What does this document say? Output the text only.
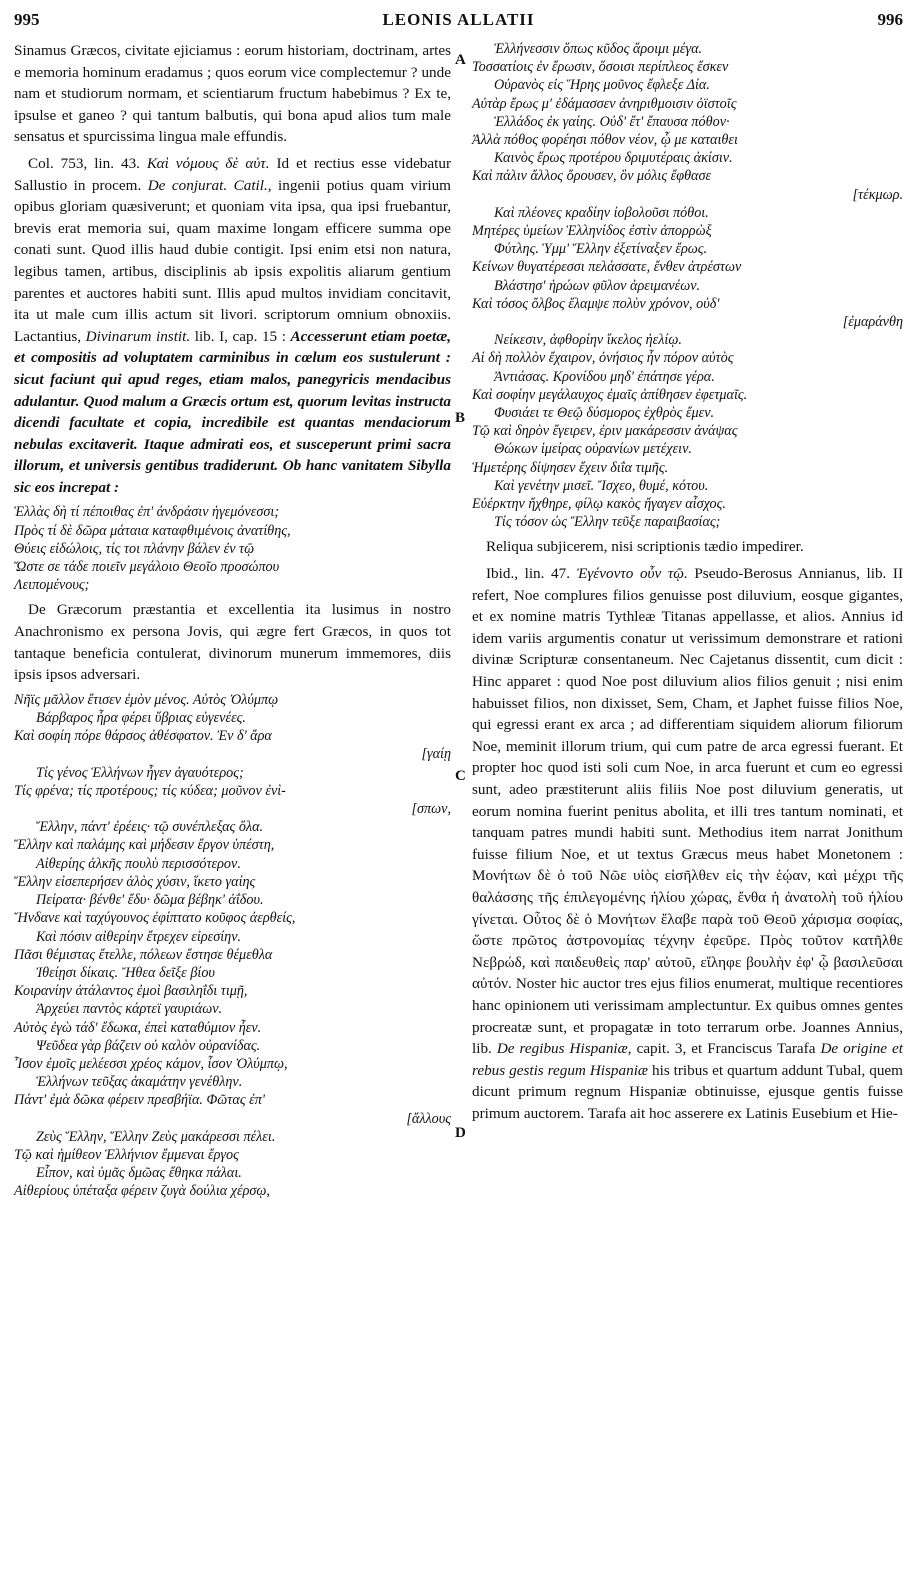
995	LEONIS ALLATII	996
A
B
C
D

Sinamus Græcos, civitate ejiciamus : eorum historiam, doctrinam, artes e memoria hominum eradamus ; quos eorum vice complectemur ? unde nam et studiorum normam, et scientiarum fructum habebimus ? Ex te, ipsulse et ganeo ? qui tantum balbutis, qui bona apud alios tum male sensatus et spurcissima lingua male effundis.

Col. 753, lin. 43. Καὶ νόμους δὲ αὐτ. Id et rectius esse videbatur Sallustio in procem. De conjurat. Catil., ingenii potius quam virium opibus gloriam quæsiverunt; et quoniam vita ipsa, qua ipsi fruebantur, brevis erat memoria sui, quam maxime longam efficere summa ope conati sunt. Quod illis haud dubie contigit. Ipsi enim etsi non natura, legibus tamen, artibus, disciplinis ab ipsis expolitis aliarum gentium parentes et auctores habiti sunt. Illis apud multos invidiam concitavit, ita ut male cum illis actum sit livori. scriptorum omnium obnoxiis. Lactantius, Divinarum instit. lib. I, cap. 15 : Accesserunt etiam poetæ, et compositis ad voluptatem carminibus in cœlum eos sustulerunt : sicut faciunt qui apud reges, etiam malos, panegyricis mendacibus adulantur. Quod malum a Græcis ortum est, quorum levitas instructa dicendi facultate et copia, incredibile est quantas mendaciorum nebulas excitaverit. Itaque admirati eos, et susceperunt primi sacra illorum, et universis gentibus tradiderunt. Ob hanc vanitatem Sibylla sic eos increpat :

Ἑλλὰς δὴ τί πέποιθας ἐπ' ἀνδράσιν ἡγεμόνεσσι;

Πρὸς τί δὲ δῶρα μάταια καταφθιμένοις ἀνατίθης,

Θύεις εἰδώλοις, τίς τοι πλάνην βάλεν ἐν τῷ

Ὥστε σε τάδε ποιεῖν μεγάλοιο Θεοῖο προσώπου

Λειπομένους;

De Græcorum præstantia et excellentia ita lusimus in nostro Anachronismo ex persona Jovis, qui ægre fert Græcos, in quos tot tantaque beneficia contulerat, divinorum munerum immemores, diis ipsis ipsos adversari.

Νῆϊς μᾶλλον ἔτισεν ἐμὸν μένος. Αὐτὸς Ὀλύμπῳ

Βάρβαρος ἦρα φέρει ὕβριας εὐγενέες.

Καὶ σοφίη πόρε θάρσος ἀθέσφατον. Ἐν δ' ἄρα

[γαίῃ

Τίς γένος Ἑλλήνων ἦγεν ἀγαυότερος;

Τίς φρένα; τίς προτέρους; τίς κύδεα; μοῦνον ἐνὶ-

[σπων,

Ἕλλην, πάντ' ἐρέεις· τῷ συνέπλεξας ὅλα.

Ἕλλην καὶ παλάμης καὶ μήδεσιν ἔργον ὑπέστη,

Αἰθερίης ἀλκῆς πουλὺ περισσότερον.

Ἕλλην εἰσεπερήσεν ἁλὸς χύσιν, ἵκετο γαίης

Πείρατα· βένθε' ἔδυ· δῶμα βέβηκ' ἀΐδου.

Ἤνδανε καὶ ταχύγουνος ἐφίπτατο κοῦφος ἀερθείς,

Καὶ πόσιν αἰθερίην ἔτρεχεν εἰρεσίην.

Πᾶσι θέμιστας ἔτελλε, πόλεων ἔστησε θέμεθλα

Ἰθείῃσι δίκαις. Ἤθεα δεῖξε βίου

Κοιρανίην ἀτάλαντος ἐμοὶ βασιληΐδι τιμῇ,

Ἀρχεύει παντὸς κάρτεϊ γαυριάων.

Αὐτὸς ἐγὼ τάδ' ἔδωκα, ἐπεὶ καταθύμιον ἦεν.

Ψεῦδεα γὰρ βάζειν οὐ καλὸν οὐρανίδας.

Ἶσον ἐμοῖς μελέεσσι χρέος κάμον, ἶσον Ὀλύμπῳ,

Ἑλλήνων τεῦξας ἀκαμάτην γενέθλην.

Πάντ' ἐμὰ δῶκα φέρειν πρεσβήϊα. Φῶτας ἐπ'

[ἄλλους

Ζεὺς Ἕλλην, Ἕλλην Ζεὺς μακάρεσσι πέλει.

Τῷ καὶ ἡμίθεον Ἑλλήνιον ἔμμεναι ἔργος

Εἶπον, καὶ ὑμᾶς δμῶας ἔθηκα πάλαι.

Αἰθερίους ὑπέταξα φέρειν ζυγὰ δούλια χέρσῳ,

Ἑλλήνεσσιν ὅπως κῦδος ἄροιμι μέγα.

Τοσσατίοις ἐν ἔρωσιν, ὅσοισι περίπλεος ἔσκεν

Οὐρανὸς εἰς Ἥρης μοῦνος ἔφλεξε Δία.

Αὐτὰρ ἔρως μ' ἐδάμασσεν ἀνηριθμοισιν ὀϊστοῖς

Ἑλλάδος ἐκ γαίης. Οὐδ' ἔτ' ἔπαυσα πόθον·

Ἀλλὰ πόθος φορέησι πόθον νέον, ᾧ με καταιθει

Καινὸς ἔρως προτέρου δριμυτέραις ἀκίσιν.

Καὶ πάλιν ἄλλος ὄρουσεν, ὃν μόλις ἔφθασε

[τέκμωρ.

Καὶ πλέονες κραδίην ἰοβολοῦσι πόθοι.

Μητέρες ὑμείων Ἑλληνίδος ἐστὶν ἀπορρὼξ

Φύτλης. Ὑμμ' Ἕλλην ἐξετίναξεν ἔρως.

Κείνων θυγατέρεσσι πελάσσατε, ἔνθεν ἀτρέστων

Βλάστησ' ἡρώων φῦλον ἀρειμανέων.

Καὶ τόσος ὄλβος ἔλαμψε πολὺν χρόνον, οὐδ'

[ἐμαράνθη

Νείκεσιν, ἀφθορίην ἴκελος ἠελίῳ.

Αἱ δὴ πολλὸν ἔχαιρον, ὀνήσιος ἦν πόρον αὐτὸς

Ἀντιάσας. Κρονίδου μηδ' ἐπάτησε γέρα.

Καὶ σοφίην μεγάλαυχος ἐμαῖς ἀπίθησεν ἐφετμαῖς.

Φυσιάει τε Θεῷ δύσμορος ἐχθρὸς ἔμεν.

Τῷ καὶ δηρὸν ἔγειρεν, ἐριν μακάρεσσιν ἀνάψας

Θώκων ἱμείρας οὐρανίων μετέχειν.

Ἡμετέρης δίψησεν ἔχειν διΐα τιμῆς.

Καὶ γενέτην μισεῖ. Ἴσχεο, θυμέ, κότου.

Εὐέρκτην ἤχθηρε, φίλῳ κακὸς ἤγαγεν αἶσχος.

Τίς τόσον ὡς Ἕλλην τεῦξε παραιβασίας;

Reliqua subjicerem, nisi scriptionis tædio impedirer.

Ibid., lin. 47. Ἐγένοντο οὖν τῷ. Pseudo-Berosus Annianus, lib. II refert, Noe complures filios genuisse post diluvium, eosque gigantes, et ex nomine matris Tythleæ Titanas appellasse, et alios. Annius id idem variis argumentis conatur ut verissimum demonstrare et rationi divinæ Scripturæ consentaneum. Nec Cajetanus dissentit, cum dicit : Hinc apparet : quod Noe post diluvium alios filios genuit ; nisi enim habuisset filios, non dixisset, Sem, Cham, et Japhet fuisse filios Noe, qui egressi erant ex arca ; ad differentiam siquidem aliorum filiorum Noe, meminit illorum trium, qui cum patre de arca egressi fuerant. Et propter hoc quod isti soli cum Noe, in arca fuerunt et cum eo egressi sunt, adeo præstiterunt aliis filiis Noe post diluvium generatis, ut eorum nomina fuerint penitus abolita, et illi tres tantum nominati, et tanquam patres mundi habiti sunt. Methodius item narrat Jonithum fuisse filium Noe, et ut textus Græcus meus habet Monetonem : Μονήτων δὲ ὁ τοῦ Νῶε υἱὸς εἰσῆλθεν εἰς τὴν ἑῴαν, καὶ μέχρι τῆς θαλάσσης τῆς ἐπιλεγομένης ἡλίου χώρας, ἔνθα ἡ ἀνατολὴ τοῦ ἡλίου γίνεται. Οὗτος δὲ ὁ Μονήτων ἔλαβε παρὰ τοῦ Θεοῦ χάρισμα σοφίας, ὥστε πρῶτος ἀστρονομίας τέχνην ἐφεῦρε. Πρὸς τοῦτον κατῆλθε Νεβρώδ, καὶ παιδευθεὶς παρ' αὐτοῦ, εἴληφε βουλὴν ἐφ' ᾧ βασιλεῦσαι αὐτόν. Noster hic auctor tres ejus filios enumerat, multique recentiores hanc opinionem uti verissimam amplectuntur. Ex quibus omnes gentes procreatæ sunt, et propagatæ in toto terrarum orbe. Joannes Annius, lib. De regibus Hispaniæ, capit. 3, et Franciscus Tarafa De origine et rebus gestis regum Hispaniæ his tribus et quartum addunt Tubal, quem dicunt primum regnum Hispaniæ obtinuisse, ejusque gentis fuisse primum auctorem. Tarafa ait hoc asserere ex Latinis Eusebium et Hie-
